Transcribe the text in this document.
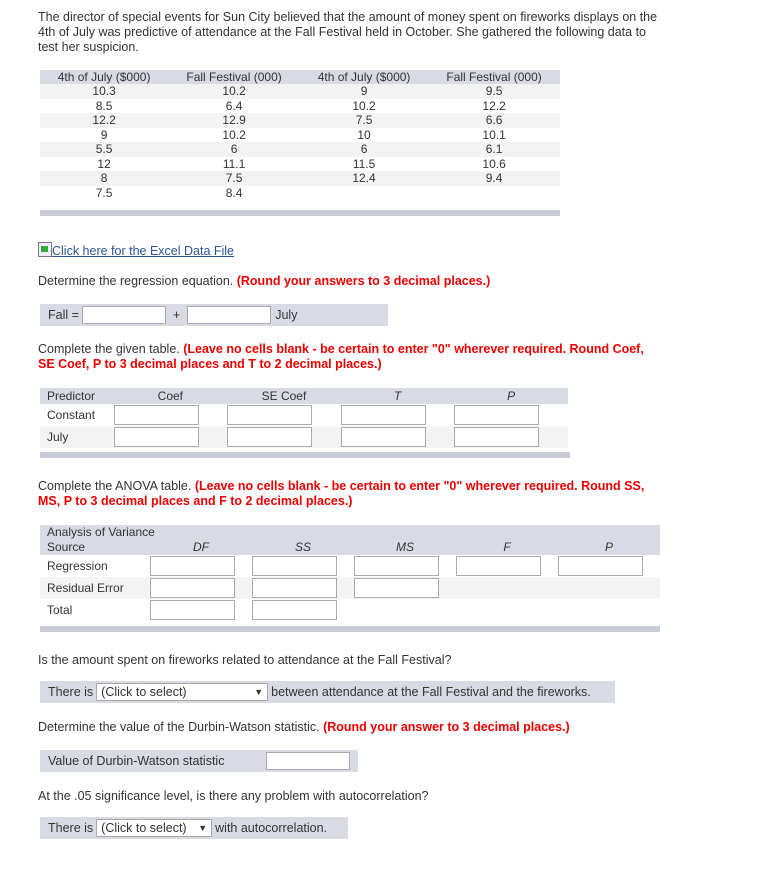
The director of special events for Sun City believed that the amount of money spent on fireworks displays on the 4th of July was predictive of attendance at the Fall Festival held in October. She gathered the following data to test her suspicion.
4th of July ($000)	Fall Festival (000)	4th of July ($000)	Fall Festival (000)
10.3	10.2	9	9.5
8.5	6.4	10.2	12.2
12.2	12.9	7.5	6.6
9	10.2	10	10.1
5.5	6	6	6.1
12	11.1	11.5	10.6
8	7.5	12.4	9.4
7.5	8.4		
Click here for the Excel Data File
Determine the regression equation. (Round your answers to 3 decimal places.)
Fall =	+	July
Complete the given table. (Leave no cells blank - be certain to enter "0" wherever required. Round Coef, SE Coef, P to 3 decimal places and T to 2 decimal places.)
Predictor	Coef	SE Coef	T	P
Constant				
July				
Complete the ANOVA table. (Leave no cells blank - be certain to enter "0" wherever required. Round SS, MS, P to 3 decimal places and F to 2 decimal places.)
Analysis of Variance					
Source	DF	SS	MS	F	P
Regression					
Residual Error					
Total					
Is the amount spent on fireworks related to attendance at the Fall Festival?
There is (Click to select)	▼ between attendance at the Fall Festival and the fireworks.
Determine the value of the Durbin-Watson statistic. (Round your answer to 3 decimal places.)
Value of Durbin-Watson statistic
At the .05 significance level, is there any problem with autocorrelation?
There is (Click to select) ▼ with autocorrelation.
